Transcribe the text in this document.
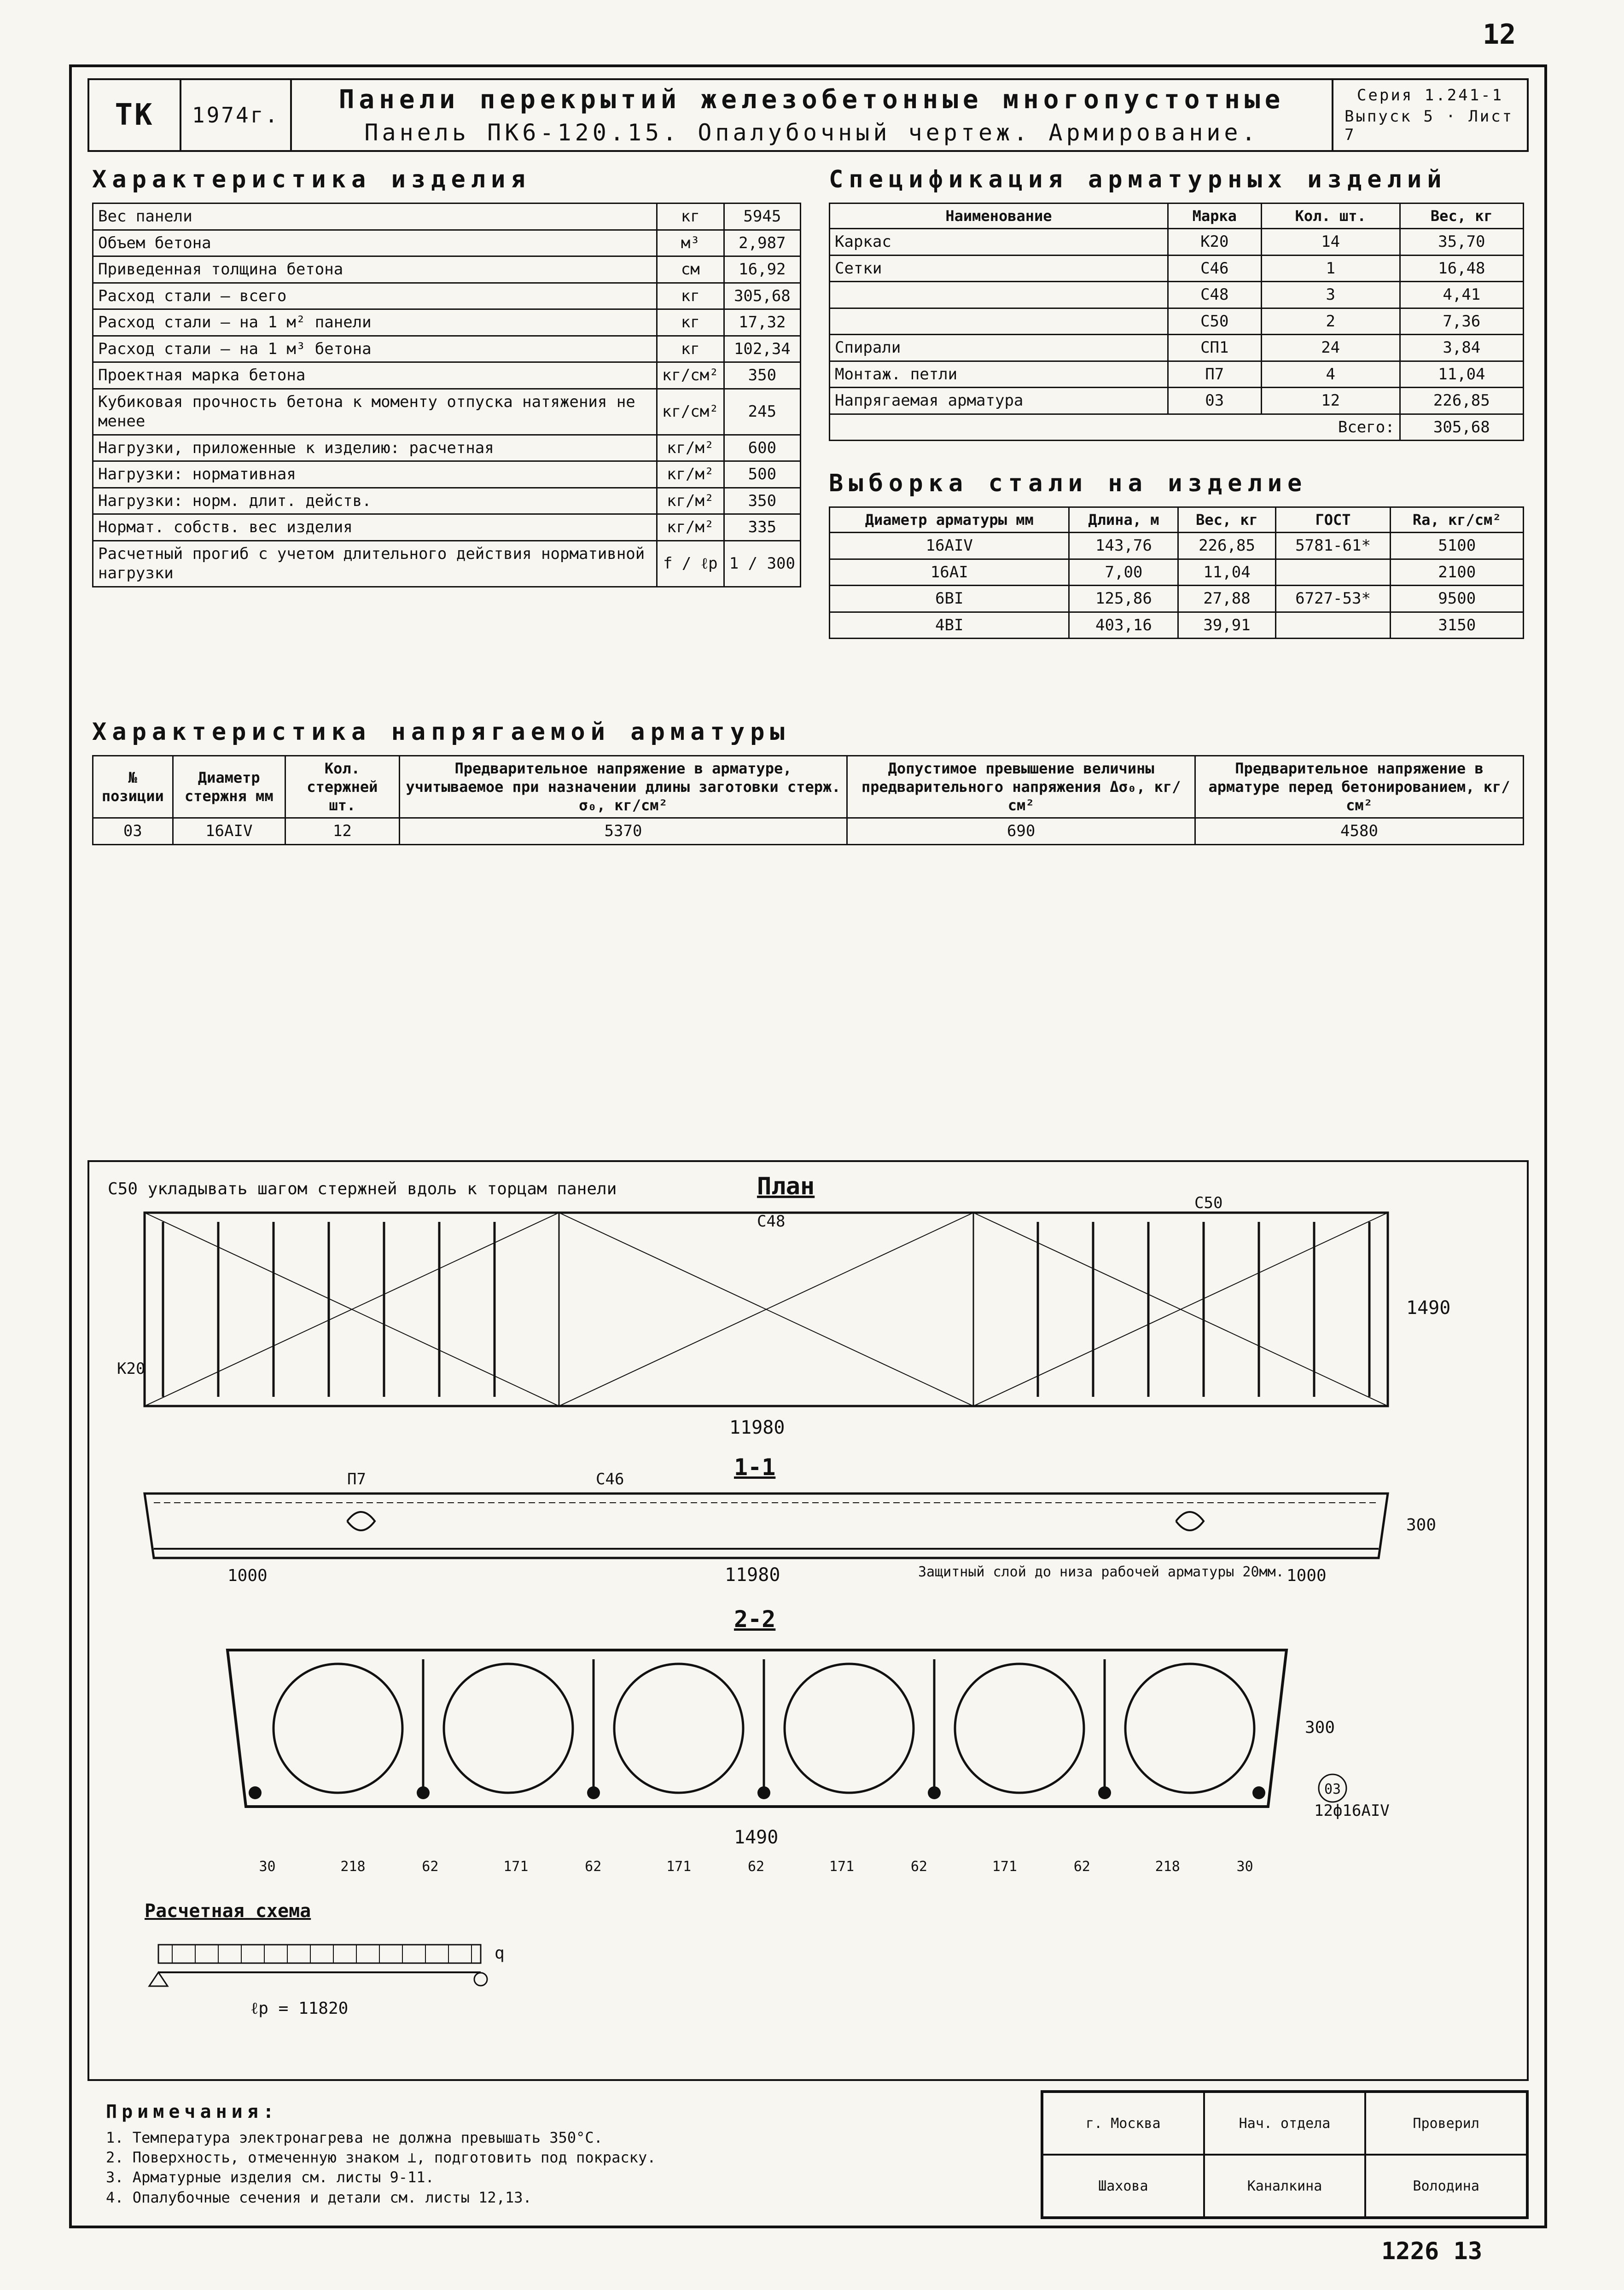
12
1226 13
ТК	1974г.
Панели перекрытий железобетонные многопустотные
Панель ПК6-120.15. Опалубочный чертеж. Армирование.
Серия 1.241-1
Выпуск 5 · Лист 7
Характеристика изделия
Вес панели	кг	5945
Объем бетона	м³	2,987
Приведенная толщина бетона	см	16,92
Расход стали — всего	кг	305,68
Расход стали — на 1 м² панели	кг	17,32
Расход стали — на 1 м³ бетона	кг	102,34
Проектная марка бетона	кг/см²	350
Кубиковая прочность бетона к моменту отпуска натяжения не менее	кг/см²	245
Нагрузки, приложенные к изделию: расчетная	кг/м²	600
Нагрузки: нормативная	кг/м²	500
Нагрузки: норм. длит. действ.	кг/м²	350
Нормат. собств. вес изделия	кг/м²	335
Расчетный прогиб с учетом длительного действия нормативной нагрузки	f / ℓр	1 / 300
Спецификация арматурных изделий
Наименование	Марка	Кол. шт.	Вес, кг
Каркас	К20	14	35,70
Сетки	С46	1	16,48
	С48	3	4,41
	С50	2	7,36
Спирали	СП1	24	3,84
Монтаж. петли	П7	4	11,04
Напрягаемая арматура	03	12	226,85
Всего:			305,68
Выборка стали на изделие
Диаметр арматуры мм	Длина, м	Вес, кг	ГОСТ	Ra, кг/см²
16АIV	143,76	226,85	5781-61*	5100
16АI	7,00	11,04		2100
6ВI	125,86	27,88	6727-53*	9500
4ВI	403,16	39,91		3150
Характеристика напрягаемой арматуры
№ позиции	Диаметр стержня мм	Кол. стержней шт.	Предварительное напряжение в арматуре, учитываемое при назначении длины заготовки стерж. σ₀, кг/см²	Допустимое превышение величины предварительного напряжения Δσ₀, кг/см²	Предварительное напряжение в арматуре перед бетонированием, кг/см²
03	16АIV	12	5370	690	4580
С50 укладывать шагом стержней вдоль к торцам панели	План
11980
1490
К20
С48
С50
1-1
11980
1000	1000
300
П7	С46
Защитный слой до низа рабочей арматуры 20мм.
2-2
1490
300
12ф16АIV
03
30	218	62	171	62	171	62	171	62	171	62	218	30
Расчетная схема
q
ℓр = 11820
Примечания:
1. Температура электронагрева не должна превышать 350°С.
2. Поверхность, отмеченную знаком ⊥, подготовить под покраску.
3. Арматурные изделия см. листы 9-11.
4. Опалубочные сечения и детали см. листы 12,13.
г. Москва	Нач. отдела	Проверил
Шахова	Каналкина	Володина
